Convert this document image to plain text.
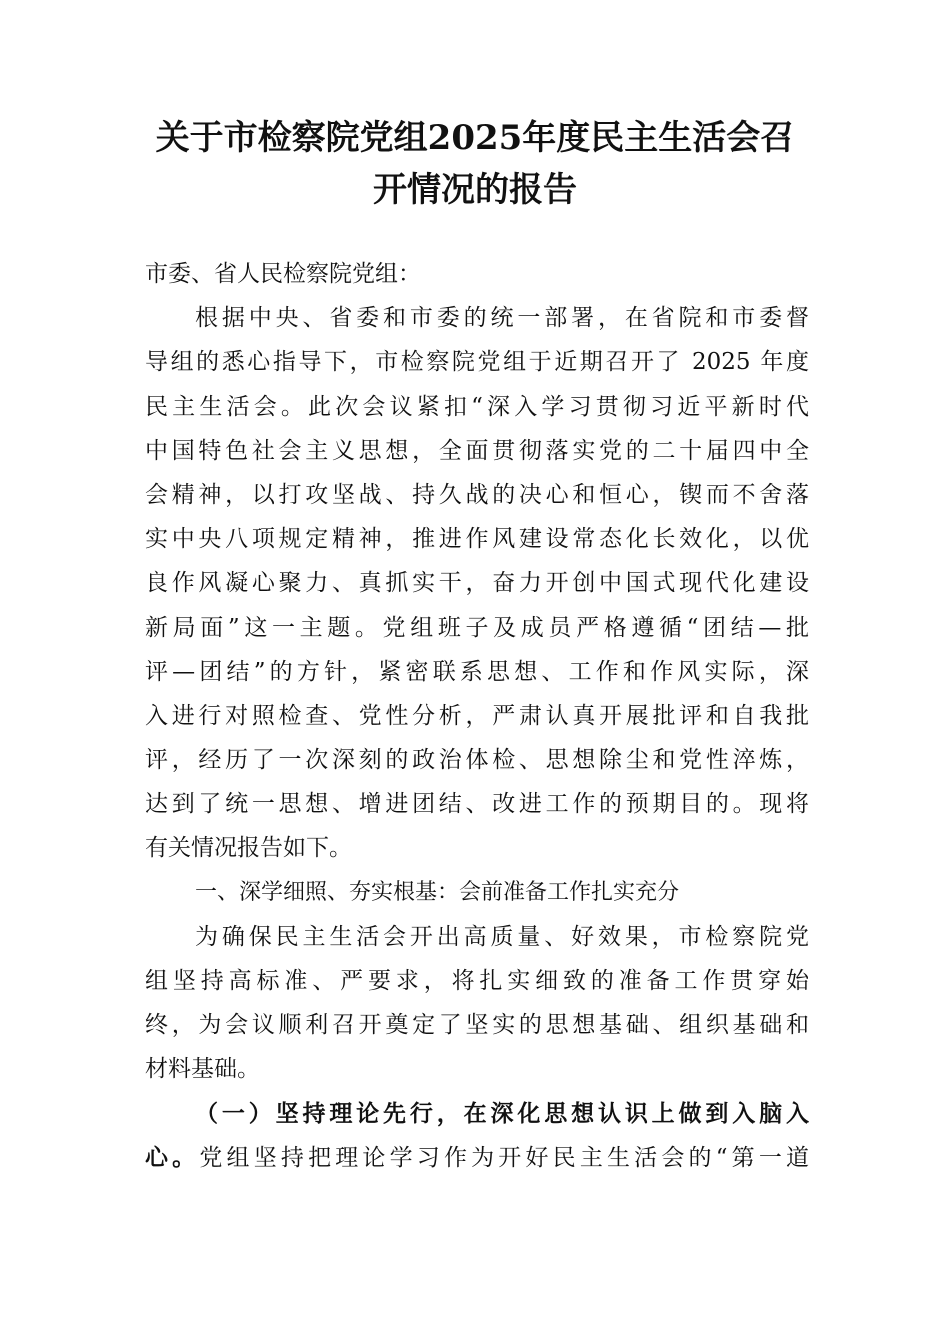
关于市检察院党组2025年度民主生活会召
开情况的报告
市委、省人民检察院党组：
根据中央、省委和市委的统一部署，在省院和市委督
导组的悉心指导下，市检察院党组于近期召开了 2025 年度
民主生活会。此次会议紧扣“深入学习贯彻习近平新时代
中国特色社会主义思想，全面贯彻落实党的二十届四中全
会精神，以打攻坚战、持久战的决心和恒心，锲而不舍落
实中央八项规定精神，推进作风建设常态化长效化，以优
良作风凝心聚力、真抓实干，奋力开创中国式现代化建设
新局面”这一主题。党组班子及成员严格遵循“团结—批
评—团结”的方针，紧密联系思想、工作和作风实际，深
入进行对照检查、党性分析，严肃认真开展批评和自我批
评，经历了一次深刻的政治体检、思想除尘和党性淬炼，
达到了统一思想、增进团结、改进工作的预期目的。现将
有关情况报告如下。
一、深学细照、夯实根基：会前准备工作扎实充分
为确保民主生活会开出高质量、好效果，市检察院党
组坚持高标准、严要求，将扎实细致的准备工作贯穿始
终，为会议顺利召开奠定了坚实的思想基础、组织基础和
材料基础。
（一）坚持理论先行，在深化思想认识上做到入脑入
心。党组坚持把理论学习作为开好民主生活会的“第一道
